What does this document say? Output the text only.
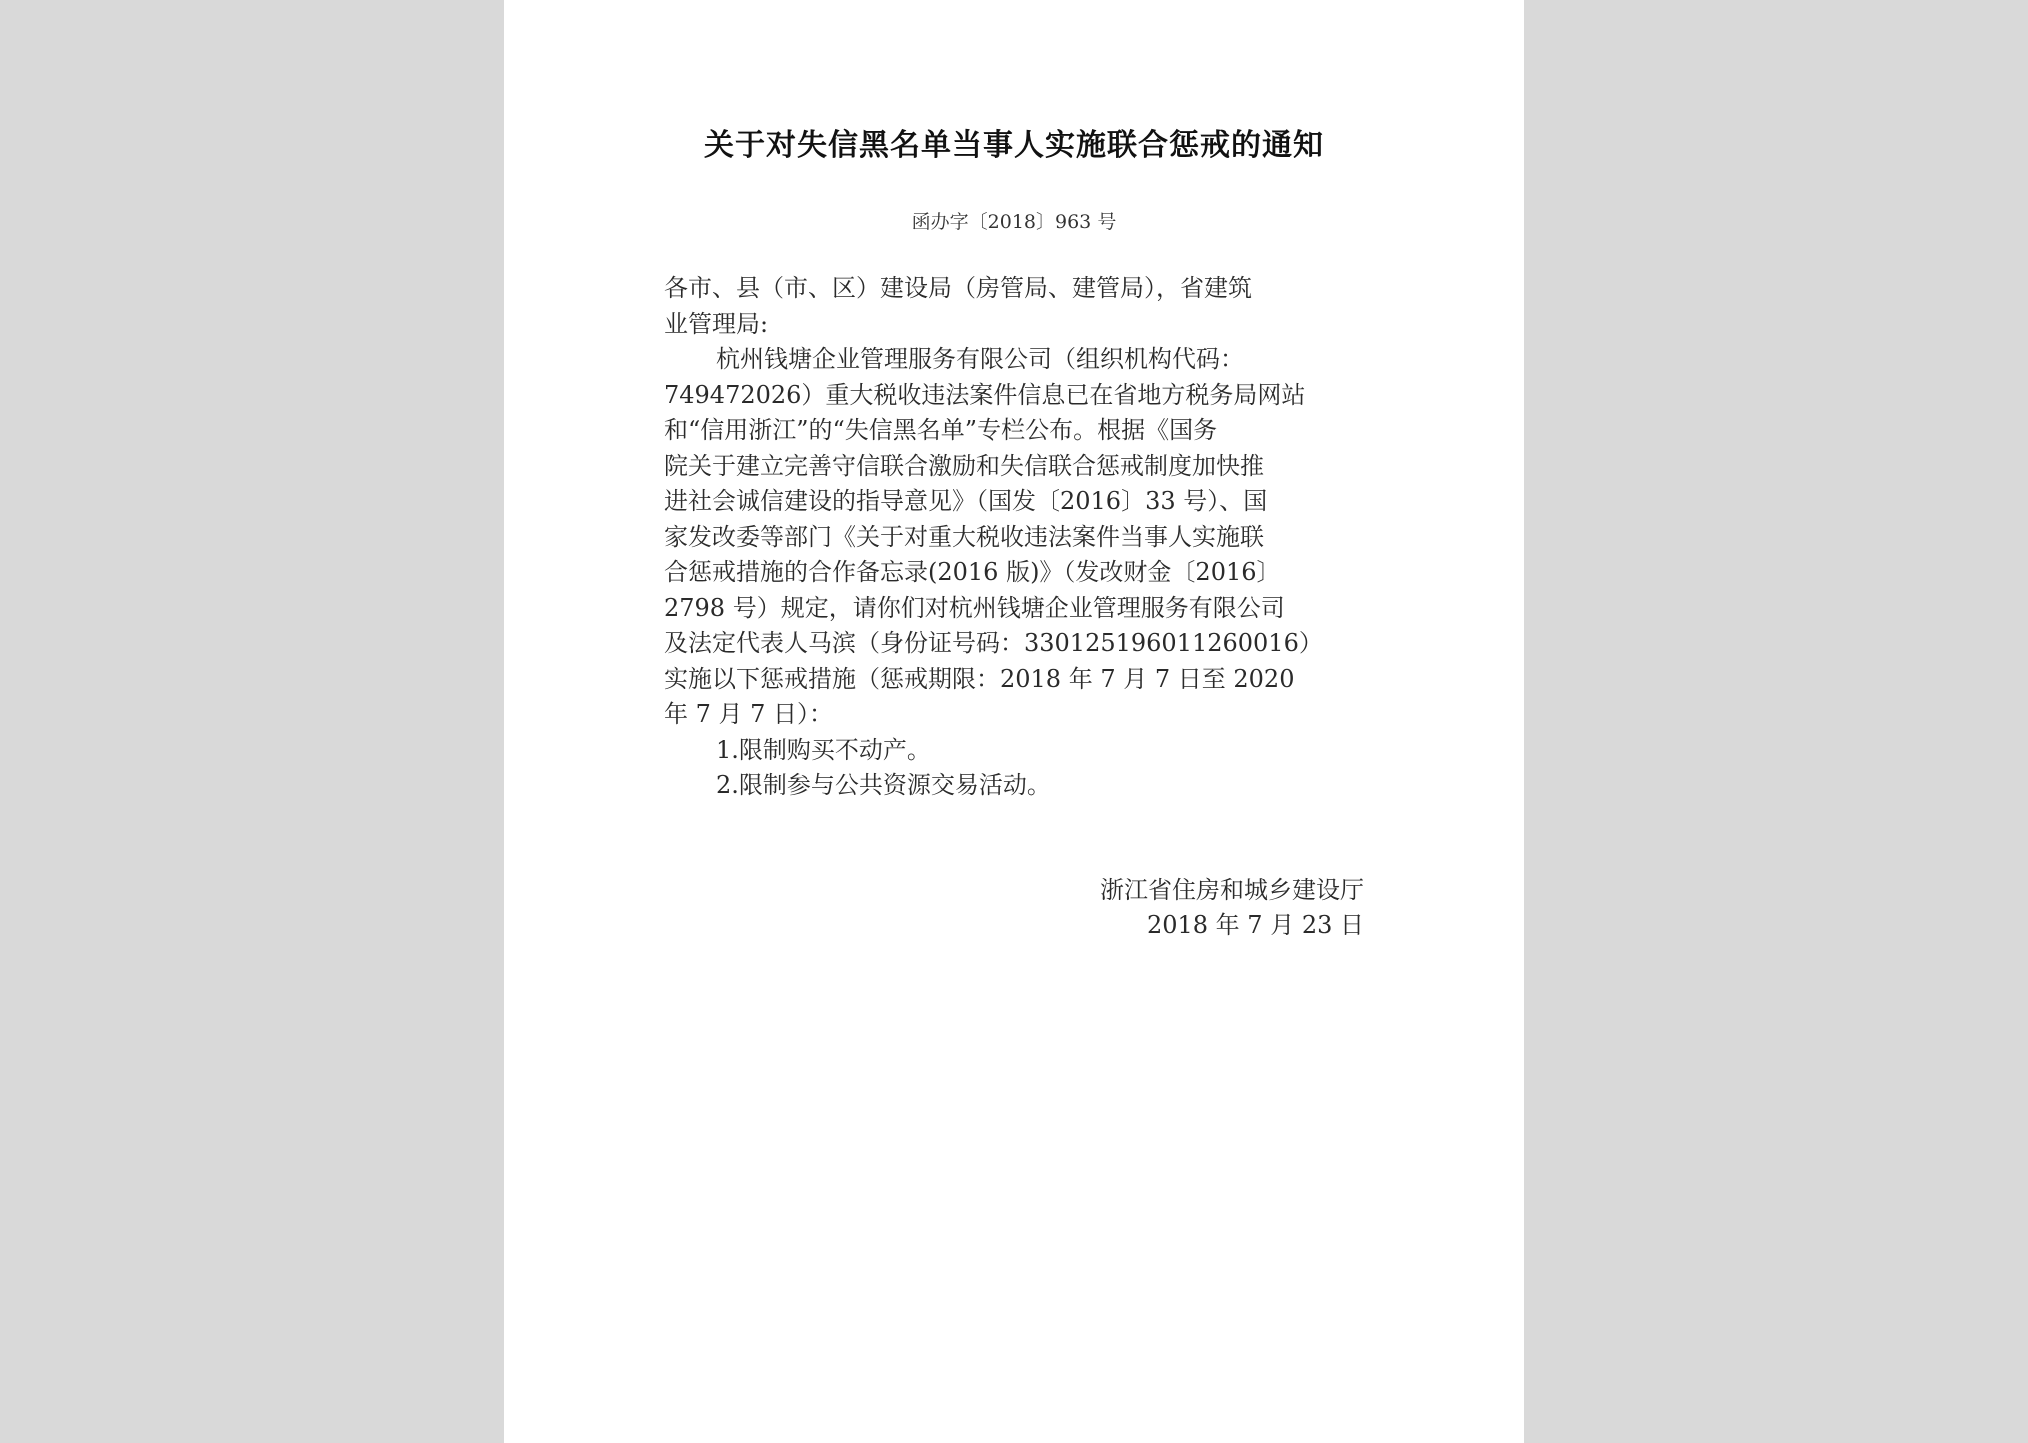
关于对失信黑名单当事人实施联合惩戒的通知
函办字〔2018〕963 号
各市、县（市、区）建设局（房管局、建管局），省建筑
业管理局:
杭州钱塘企业管理服务有限公司（组织机构代码：
749472026）重大税收违法案件信息已在省地方税务局网站
和“信用浙江”的“失信黑名单”专栏公布。根据《国务
院关于建立完善守信联合激励和失信联合惩戒制度加快推
进社会诚信建设的指导意见》（国发〔2016〕33 号）、国
家发改委等部门《关于对重大税收违法案件当事人实施联
合惩戒措施的合作备忘录(2016 版)》（发改财金〔2016〕
2798 号）规定，请你们对杭州钱塘企业管理服务有限公司
及法定代表人马滨（身份证号码：330125196011260016）
实施以下惩戒措施（惩戒期限：2018 年 7 月 7 日至 2020
年 7 月 7 日）：
1.限制购买不动产。
2.限制参与公共资源交易活动。
浙江省住房和城乡建设厅
2018 年 7 月 23 日
